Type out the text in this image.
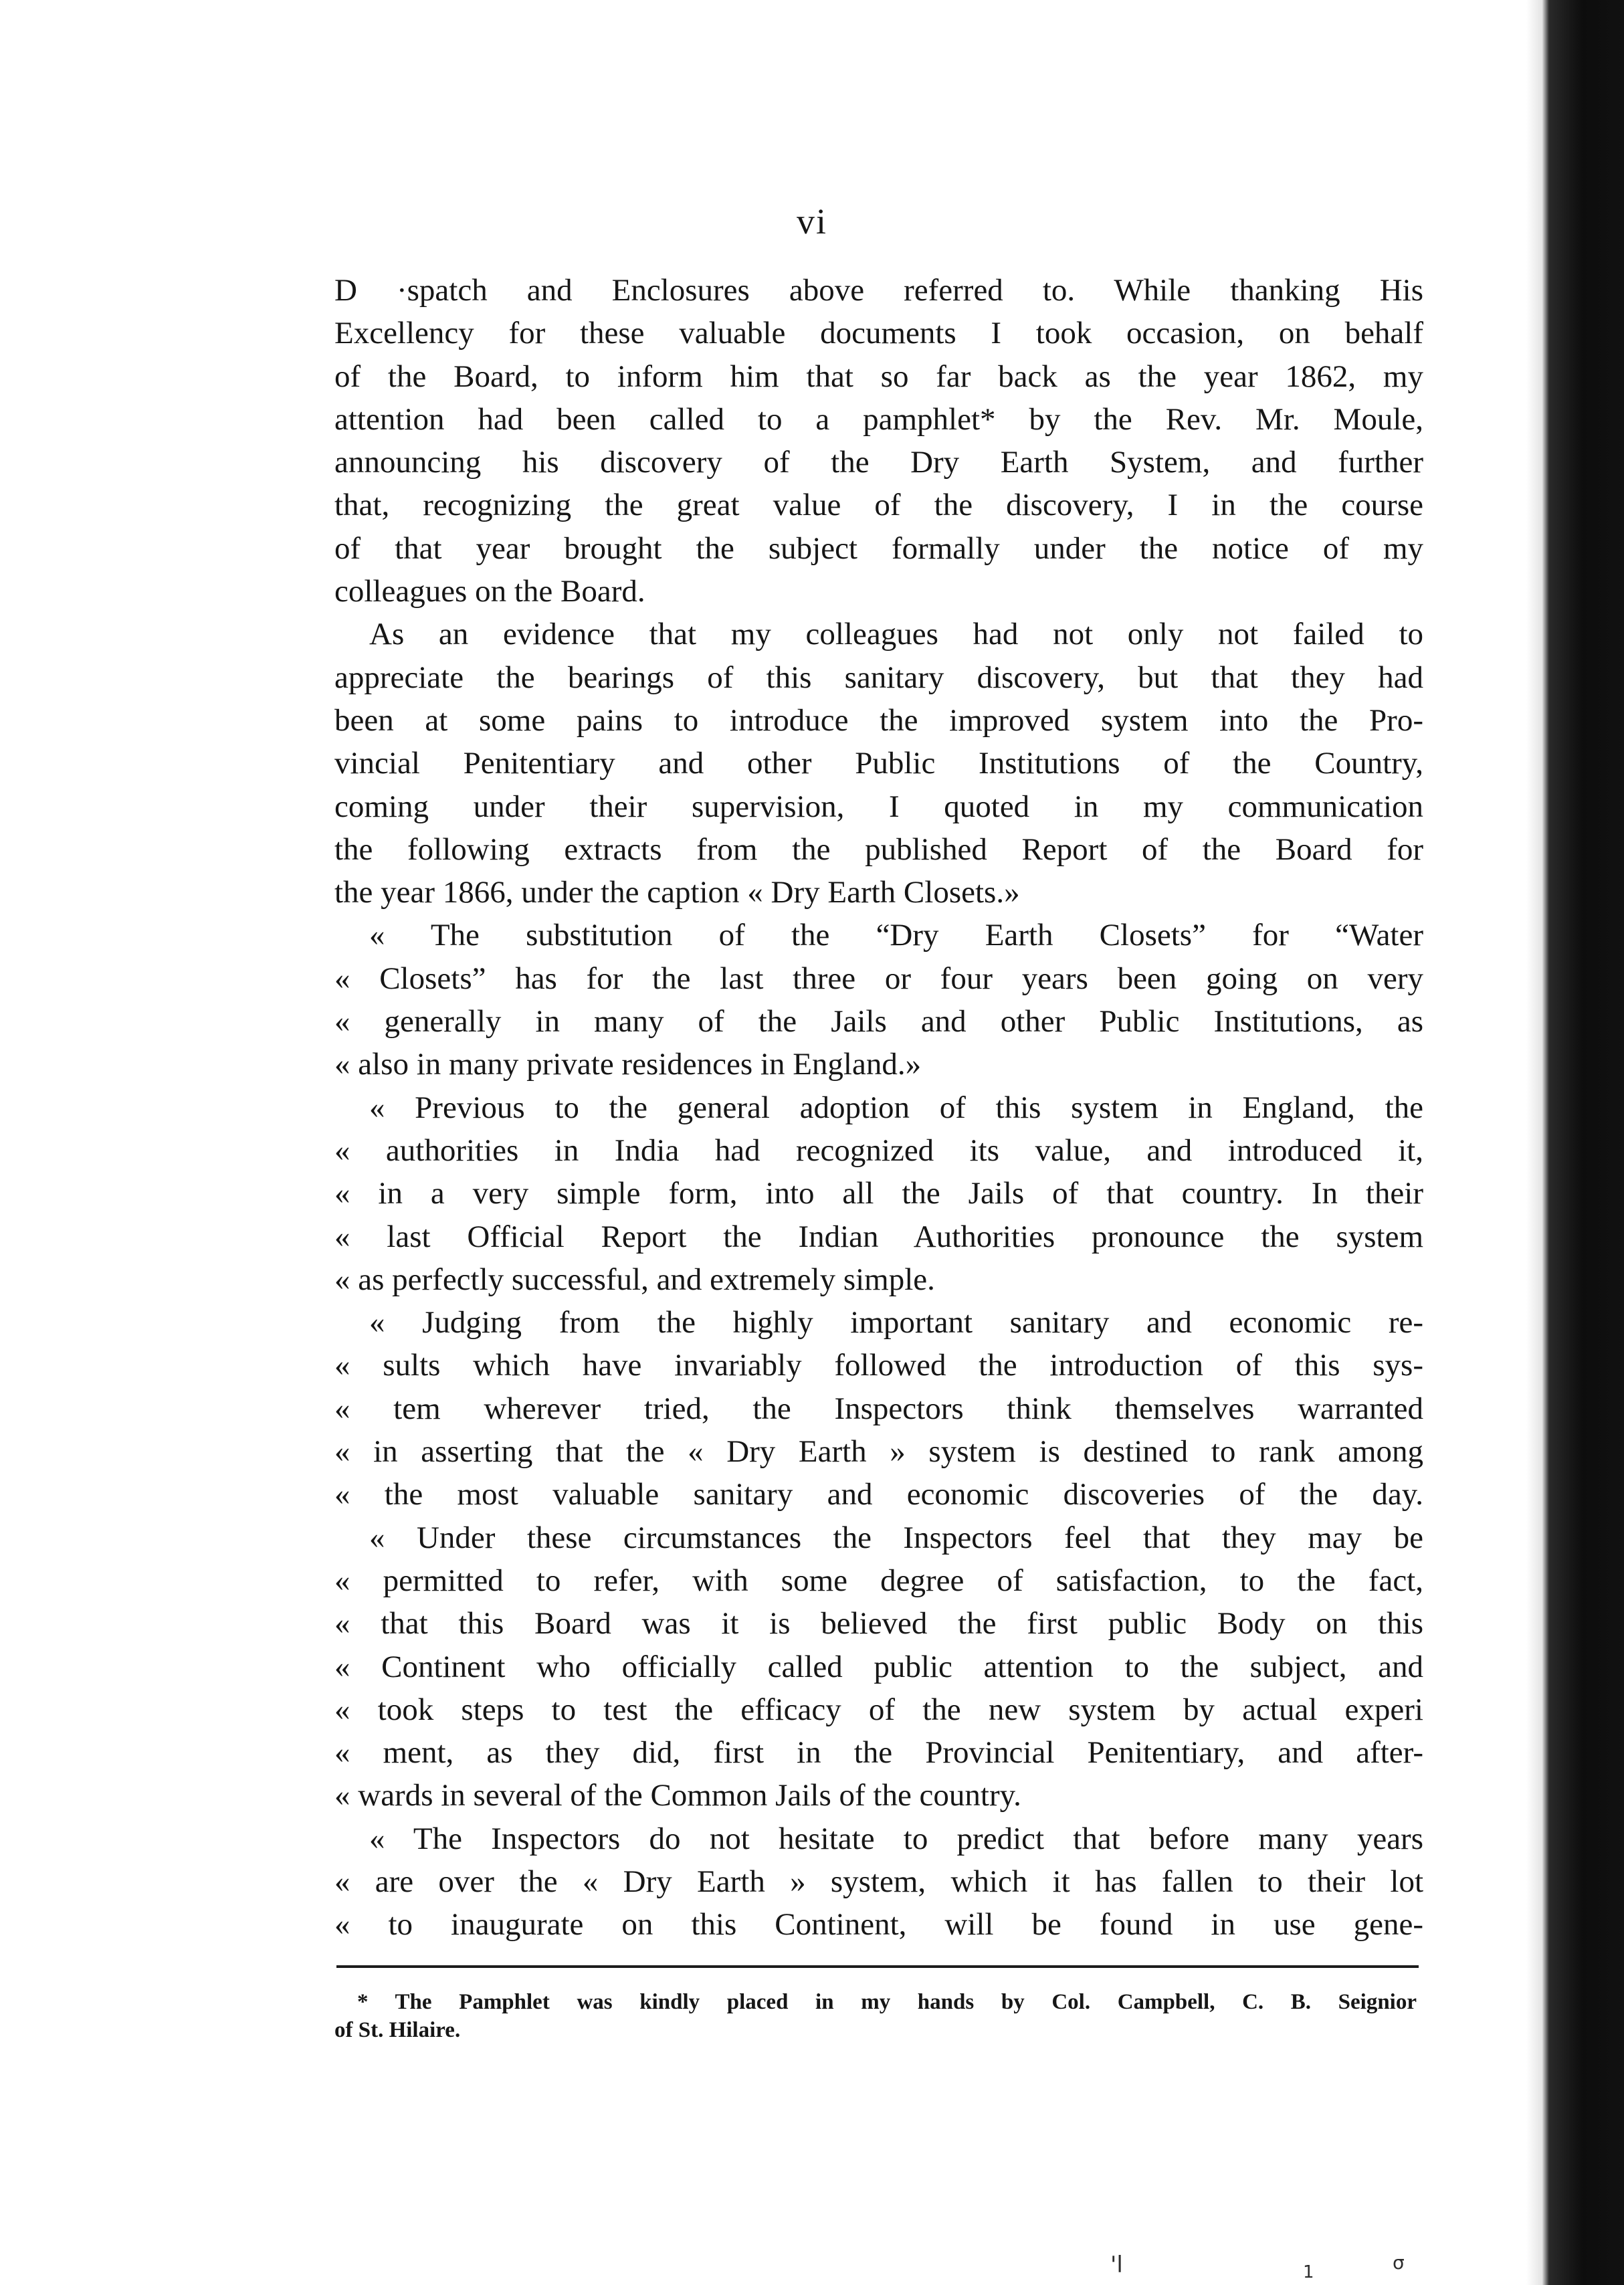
vi
D ·spatch and Enclosures above referred to. While thanking His
Excellency for these valuable documents I took occasion, on behalf
of the Board, to inform him that so far back as the year 1862, my
attention had been called to a pamphlet* by the Rev. Mr. Moule,
announcing his discovery of the Dry Earth System, and further
that, recognizing the great value of the discovery, I in the course
of that year brought the subject formally under the notice of my
colleagues on the Board.
As an evidence that my colleagues had not only not failed to
appreciate the bearings of this sanitary discovery, but that they had
been at some pains to introduce the improved system into the Pro-
vincial Penitentiary and other Public Institutions of the Country,
coming under their supervision, I quoted in my communication
the following extracts from the published Report of the Board for
the year 1866, under the caption « Dry Earth Closets.»
« The substitution of the “Dry Earth Closets” for “Water
« Closets” has for the last three or four years been going on very
« generally in many of the Jails and other Public Institutions, as
« also in many private residences in England.»
« Previous to the general adoption of this system in England, the
« authorities in India had recognized its value, and introduced it,
« in a very simple form, into all the Jails of that country. In their
« last Official Report the Indian Authorities pronounce the system
« as perfectly successful, and extremely simple.
« Judging from the highly important sanitary and economic re-
« sults which have invariably followed the introduction of this sys-
« tem wherever tried, the Inspectors think themselves warranted
« in asserting that the « Dry Earth » system is destined to rank among
« the most valuable sanitary and economic discoveries of the day.
« Under these circumstances the Inspectors feel that they may be
« permitted to refer, with some degree of satisfaction, to the fact,
« that this Board was it is believed the first public Body on this
« Continent who officially called public attention to the subject, and
« took steps to test the efficacy of the new system by actual experi
« ment, as they did, first in the Provincial Penitentiary, and after-
« wards in several of the Common Jails of the country.
« The Inspectors do not hesitate to predict that before many years
« are over the « Dry Earth » system, which it has fallen to their lot
« to inaugurate on this Continent, will be found in use gene-
* The Pamphlet was kindly placed in my hands by Col. Campbell, C. B. Seignior
of St. Hilaire.
'l	1	σ
